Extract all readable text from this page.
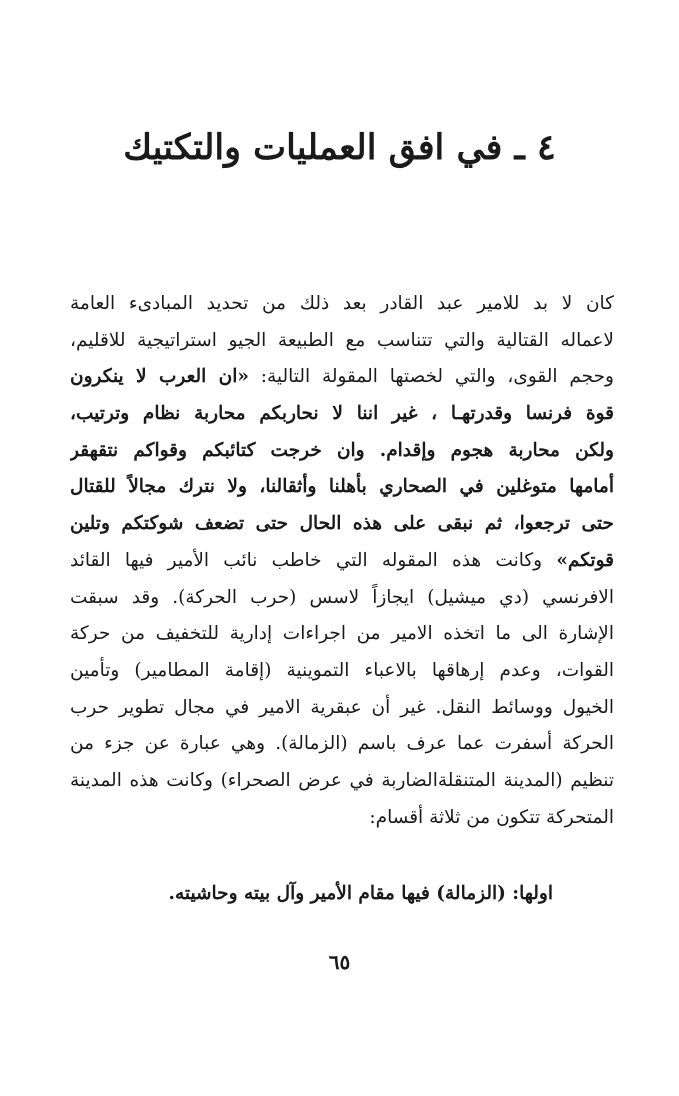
٤ ـ في افق العمليات والتكتيك
كان لا بد للامير عبد القادر بعد ذلك من تحديد المبادىء العامة
لاعماله القتالية والتي تتناسب مع الطبيعة الجيو استراتيجية للاقليم،
وحجم القوى، والتي لخصتها المقولة التالية: «ان العرب لا ينكرون
قوة فرنسا وقدرتهـا ، غير اننا لا نحاربكم محاربة نظام وترتيب،
ولكن محاربة هجوم وإقدام. وان خرجت كتائبكم وقواكم نتقهقر
أمامها متوغلين في الصحاري بأهلنا وأثقالنا، ولا نترك مجالاً للقتال
حتى ترجعوا، ثم نبقى على هذه الحال حتى تضعف شوكتكم وتلين
قوتكم» وكانت هذه المقوله التي خاطب نائب الأمير فيها القائد
الافرنسي (دي ميشيل) ايجازاً لاسس (حرب الحركة). وقد سبقت
الإشارة الى ما اتخذه الامير من اجراءات إدارية للتخفيف من حركة
القوات، وعدم إرهاقها بالاعباء التموينية (إقامة المطامير) وتأمين
الخيول ووسائط النقل. غير أن عبقرية الامير في مجال تطوير حرب
الحركة أسفرت عما عرف باسم (الزمالة). وهي عبارة عن جزء من
تنظيم (المدينة المتنقلةالضاربة في عرض الصحراء) وكانت هذه المدينة
المتحركة تتكون من ثلاثة أقسام:
اولها: (الزمالة) فيها مقام الأمير وآل بيته وحاشيته.
٦٥
